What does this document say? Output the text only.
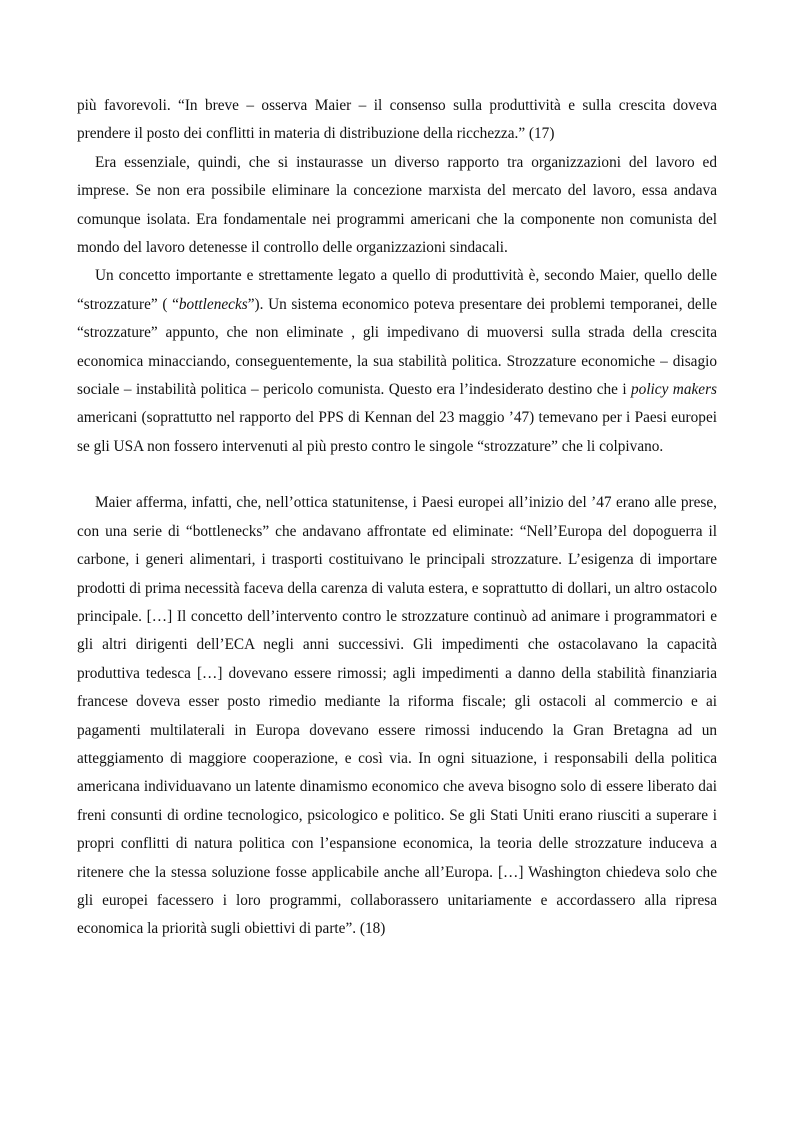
più favorevoli. “In breve – osserva Maier – il consenso sulla produttività e sulla crescita doveva prendere il posto dei conflitti in materia di distribuzione della ricchezza.” (17)

Era essenziale, quindi, che si instaurasse un diverso rapporto tra organizzazioni del lavoro ed imprese. Se non era possibile eliminare la concezione marxista del mercato del lavoro, essa andava comunque isolata. Era fondamentale nei programmi americani che la componente non comunista del mondo del lavoro detenesse il controllo delle organizzazioni sindacali.

Un concetto importante e strettamente legato a quello di produttività è, secondo Maier, quello delle “strozzature” ( “bottlenecks”). Un sistema economico poteva presentare dei problemi temporanei, delle “strozzature” appunto, che non eliminate , gli impedivano di muoversi sulla strada della crescita economica minacciando, conseguentemente, la sua stabilità politica. Strozzature economiche – disagio sociale – instabilità politica – pericolo comunista. Questo era l’indesiderato destino che i policy makers americani (soprattutto nel rapporto del PPS di Kennan del 23 maggio ’47) temevano per i Paesi europei se gli USA non fossero intervenuti al più presto contro le singole “strozzature” che li colpivano.

Maier afferma, infatti, che, nell’ottica statunitense, i Paesi europei all’inizio del ’47 erano alle prese, con una serie di “bottlenecks” che andavano affrontate ed eliminate: “Nell’Europa del dopoguerra il carbone, i generi alimentari, i trasporti costituivano le principali strozzature. L’esigenza di importare prodotti di prima necessità faceva della carenza di valuta estera, e soprattutto di dollari, un altro ostacolo principale. […] Il concetto dell’intervento contro le strozzature continuò ad animare i programmatori e gli altri dirigenti dell’ECA negli anni successivi. Gli impedimenti che ostacolavano la capacità produttiva tedesca […] dovevano essere rimossi; agli impedimenti a danno della stabilità finanziaria francese doveva esser posto rimedio mediante la riforma fiscale; gli ostacoli al commercio e ai pagamenti multilaterali in Europa dovevano essere rimossi inducendo la Gran Bretagna ad un atteggiamento di maggiore cooperazione, e così via. In ogni situazione, i responsabili della politica americana individuavano un latente dinamismo economico che aveva bisogno solo di essere liberato dai freni consunti di ordine tecnologico, psicologico e politico. Se gli Stati Uniti erano riusciti a superare i propri conflitti di natura politica con l’espansione economica, la teoria delle strozzature induceva a ritenere che la stessa soluzione fosse applicabile anche all’Europa. […] Washington chiedeva solo che gli europei facessero i loro programmi, collaborassero unitariamente e accordassero alla ripresa economica la priorità sugli obiettivi di parte”. (18)
